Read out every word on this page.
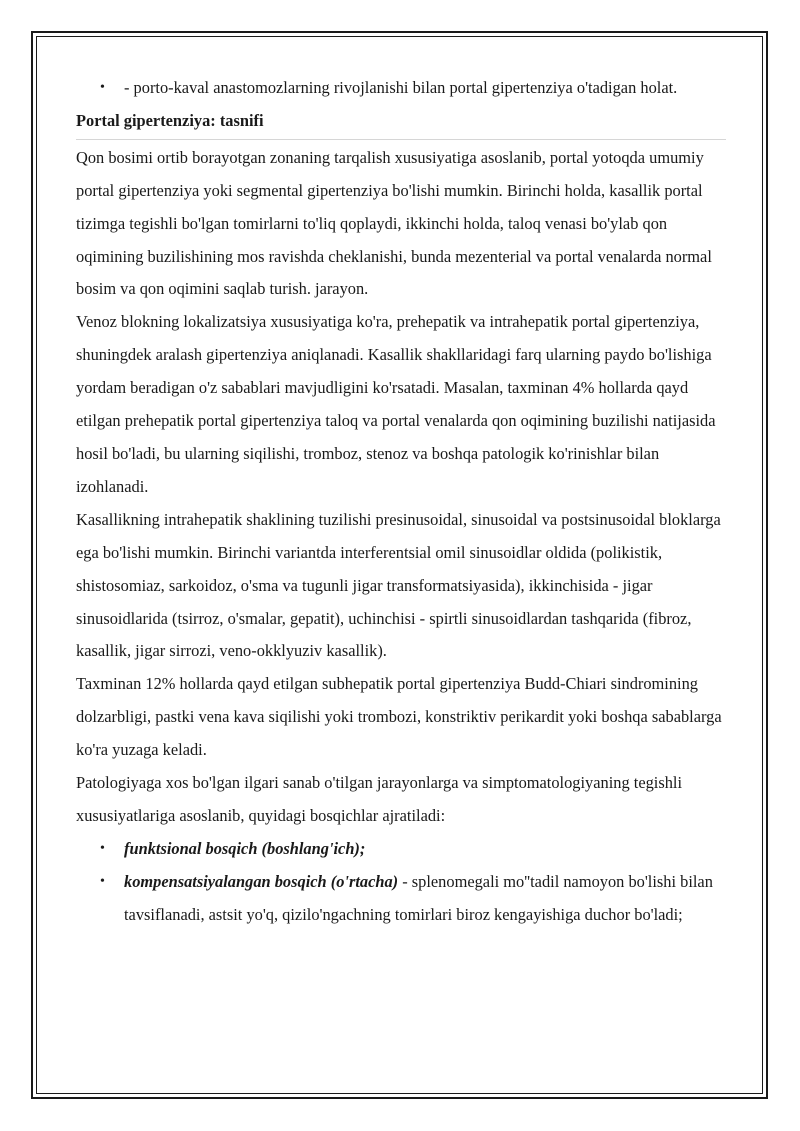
• - porto-kaval anastomozlarning rivojlanishi bilan portal gipertenziya o'tadigan holat.

Portal gipertenziya: tasnifi

Qon bosimi ortib borayotgan zonaning tarqalish xususiyatiga asoslanib, portal yotoqda umumiy portal gipertenziya yoki segmental gipertenziya bo'lishi mumkin. Birinchi holda, kasallik portal tizimga tegishli bo'lgan tomirlarni to'liq qoplaydi, ikkinchi holda, taloq venasi bo'ylab qon oqimining buzilishining mos ravishda cheklanishi, bunda mezenterial va portal venalarda normal bosim va qon oqimini saqlab turish. jarayon.

Venoz blokning lokalizatsiya xususiyatiga ko'ra, prehepatik va intrahepatik portal gipertenziya, shuningdek aralash gipertenziya aniqlanadi. Kasallik shakllaridagi farq ularning paydo bo'lishiga yordam beradigan o'z sabablari mavjudligini ko'rsatadi. Masalan, taxminan 4% hollarda qayd etilgan prehepatik portal gipertenziya taloq va portal venalarda qon oqimining buzilishi natijasida hosil bo'ladi, bu ularning siqilishi, tromboz, stenoz va boshqa patologik ko'rinishlar bilan izohlanadi.

Kasallikning intrahepatik shaklining tuzilishi presinusoidal, sinusoidal va postsinusoidal bloklarga ega bo'lishi mumkin. Birinchi variantda interferentsial omil sinusoidlar oldida (polikistik, shistosomiaz, sarkoidoz, o'sma va tugunli jigar transformatsiyasida), ikkinchisida - jigar sinusoidlarida (tsirroz, o'smalar, gepatit), uchinchisi - spirtli sinusoidlardan tashqarida (fibroz, kasallik, jigar sirrozi, veno-okklyuziv kasallik).

Taxminan 12% hollarda qayd etilgan subhepatik portal gipertenziya Budd-Chiari sindromining dolzarbligi, pastki vena kava siqilishi yoki trombozi, konstriktiv perikardit yoki boshqa sabablarga ko'ra yuzaga keladi.

Patologiyaga xos bo'lgan ilgari sanab o'tilgan jarayonlarga va simptomatologiyaning tegishli xususiyatlariga asoslanib, quyidagi bosqichlar ajratiladi:

• funktsional bosqich (boshlang'ich);
• kompensatsiyalangan bosqich (o'rtacha) - splenomegali mo''tadil namoyon bo'lishi bilan tavsiflanadi, astsit yo'q, qizilo'ngachning tomirlari biroz kengayishiga duchor bo'ladi;
